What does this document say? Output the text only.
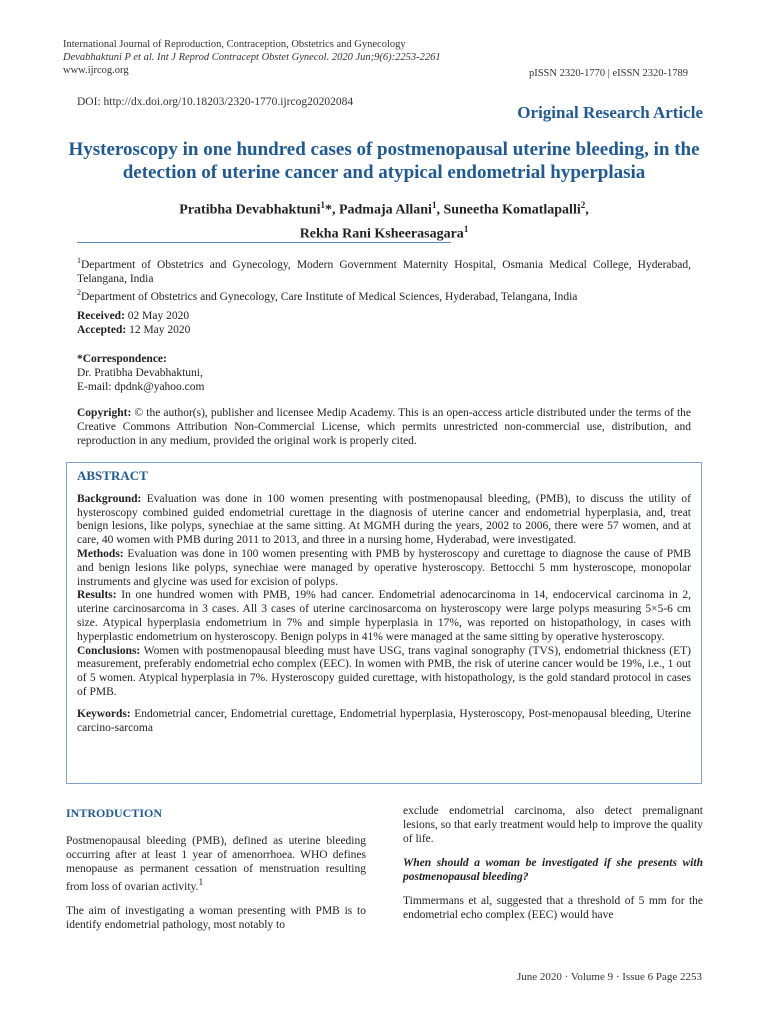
International Journal of Reproduction, Contraception, Obstetrics and Gynecology
Devabhaktuni P et al. Int J Reprod Contracept Obstet Gynecol. 2020 Jun;9(6):2253-2261
www.ijrcog.org	pISSN 2320-1770 | eISSN 2320-1789
DOI: http://dx.doi.org/10.18203/2320-1770.ijrcog20202084
Original Research Article
Hysteroscopy in one hundred cases of postmenopausal uterine bleeding, in the detection of uterine cancer and atypical endometrial hyperplasia
Pratibha Devabhaktuni$^1$*, Padmaja Allani$^1$, Suneetha Komatlapalli$^2$,
Rekha Rani Ksheerasagara$^1$

$^1$Department of Obstetrics and Gynecology, Modern Government Maternity Hospital, Osmania Medical College, Hyderabad, Telangana, India

$^2$Department of Obstetrics and Gynecology, Care Institute of Medical Sciences, Hyderabad, Telangana, India

Received: 02 May 2020
Accepted: 12 May 2020
*Correspondence:
Dr. Pratibha Devabhaktuni,
E-mail: dpdnk@yahoo.com
Copyright: © the author(s), publisher and licensee Medip Academy. This is an open-access article distributed under the terms of the Creative Commons Attribution Non-Commercial License, which permits unrestricted non-commercial use, distribution, and reproduction in any medium, provided the original work is properly cited.
ABSTRACT

Background: Evaluation was done in 100 women presenting with postmenopausal bleeding, (PMB), to discuss the utility of hysteroscopy combined guided endometrial curettage in the diagnosis of uterine cancer and endometrial hyperplasia, and, treat benign lesions, like polyps, synechiae at the same sitting. At MGMH during the years, 2002 to 2006, there were 57 women, and at care, 40 women with PMB during 2011 to 2013, and three in a nursing home, Hyderabad, were investigated.

Methods: Evaluation was done in 100 women presenting with PMB by hysteroscopy and curettage to diagnose the cause of PMB and benign lesions like polyps, synechiae were managed by operative hysteroscopy. Bettocchi 5 mm hysteroscope, monopolar instruments and glycine was used for excision of polyps.

Results: In one hundred women with PMB, 19% had cancer. Endometrial adenocarcinoma in 14, endocervical carcinoma in 2, uterine carcinosarcoma in 3 cases. All 3 cases of uterine carcinosarcoma on hysteroscopy were large polyps measuring 5×5-6 cm size. Atypical hyperplasia endometrium in 7% and simple hyperplasia in 17%, was reported on histopathology, in cases with hyperplastic endometrium on hysteroscopy. Benign polyps in 41% were managed at the same sitting by operative hysteroscopy.

Conclusions: Women with postmenopausal bleeding must have USG, trans vaginal sonography (TVS), endometrial thickness (ET) measurement, preferably endometrial echo complex (EEC). In women with PMB, the risk of uterine cancer would be 19%, i.e., 1 out of 5 women. Atypical hyperplasia in 7%. Hysteroscopy guided curettage, with histopathology, is the gold standard protocol in cases of PMB.

Keywords: Endometrial cancer, Endometrial curettage, Endometrial hyperplasia, Hysteroscopy, Post-menopausal bleeding, Uterine carcino-sarcoma

INTRODUCTION

Postmenopausal bleeding (PMB), defined as uterine bleeding occurring after at least 1 year of amenorrhoea. WHO defines menopause as permanent cessation of menstruation resulting from loss of ovarian activity.$^1$

The aim of investigating a woman presenting with PMB is to identify endometrial pathology, most notably to

exclude endometrial carcinoma, also detect premalignant lesions, so that early treatment would help to improve the quality of life.

When should a woman be investigated if she presents with postmenopausal bleeding?

Timmermans et al, suggested that a threshold of 5 mm for the endometrial echo complex (EEC) would have

June 2020 · Volume 9 · Issue 6 Page 2253
